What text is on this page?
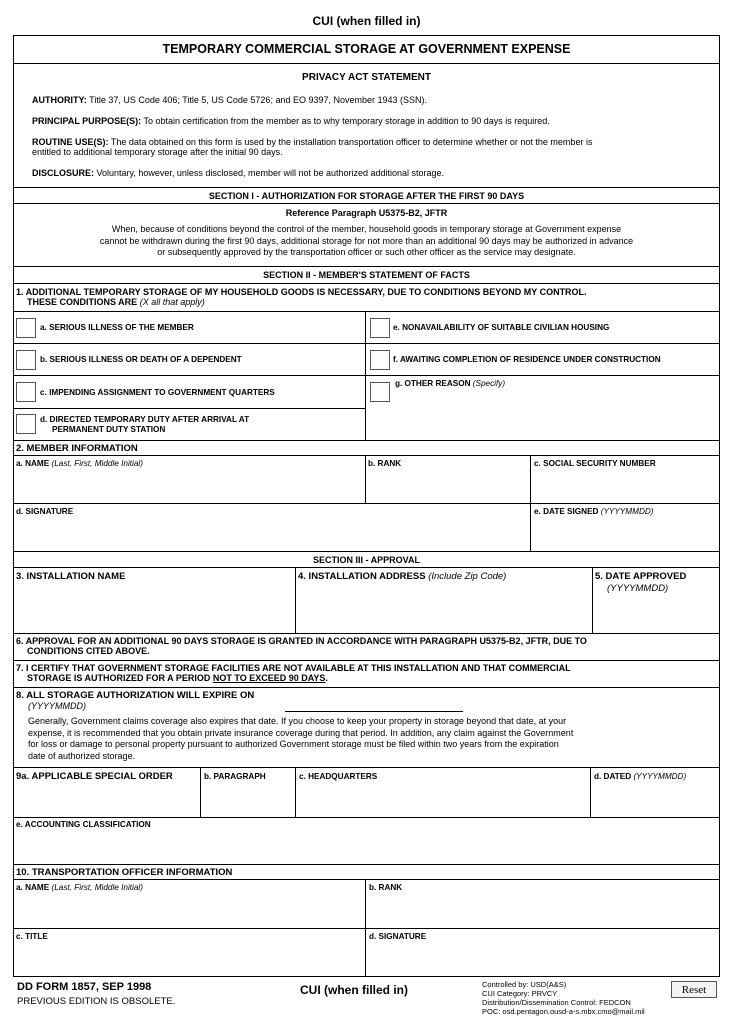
CUI (when filled in)
TEMPORARY COMMERCIAL STORAGE AT GOVERNMENT EXPENSE
PRIVACY ACT STATEMENT
AUTHORITY: Title 37, US Code 406; Title 5, US Code 5726; and EO 9397, November 1943 (SSN).
PRINCIPAL PURPOSE(S): To obtain certification from the member as to why temporary storage in addition to 90 days is required.
ROUTINE USE(S): The data obtained on this form is used by the installation transportation officer to determine whether or not the member is
entitled to additional temporary storage after the initial 90 days.
DISCLOSURE: Voluntary, however, unless disclosed, member will not be authorized additional storage.
SECTION I - AUTHORIZATION FOR STORAGE AFTER THE FIRST 90 DAYS
Reference Paragraph U5375-B2, JFTR
When, because of conditions beyond the control of the member, household goods in temporary storage at Government expense
cannot be withdrawn during the first 90 days, additional storage for not more than an additional 90 days may be authorized in advance
or subsequently approved by the transportation officer or such other officer as the service may designate.
SECTION II - MEMBER'S STATEMENT OF FACTS
1. ADDITIONAL TEMPORARY STORAGE OF MY HOUSEHOLD GOODS IS NECESSARY, DUE TO CONDITIONS BEYOND MY CONTROL.
THESE CONDITIONS ARE (X all that apply)
a. SERIOUS ILLNESS OF THE MEMBER
b. SERIOUS ILLNESS OR DEATH OF A DEPENDENT
c. IMPENDING ASSIGNMENT TO GOVERNMENT QUARTERS
d. DIRECTED TEMPORARY DUTY AFTER ARRIVAL AT
PERMANENT DUTY STATION
e. NONAVAILABILITY OF SUITABLE CIVILIAN HOUSING
f. AWAITING COMPLETION OF RESIDENCE UNDER CONSTRUCTION
g. OTHER REASON (Specify)
2. MEMBER INFORMATION
a. NAME (Last, First, Middle Initial)	b. RANK	c. SOCIAL SECURITY NUMBER
d. SIGNATURE	e. DATE SIGNED (YYYYMMDD)
SECTION III - APPROVAL
3. INSTALLATION NAME	4. INSTALLATION ADDRESS (Include Zip Code)	5. DATE APPROVED
(YYYYMMDD)
6. APPROVAL FOR AN ADDITIONAL 90 DAYS STORAGE IS GRANTED IN ACCORDANCE WITH PARAGRAPH U5375-B2, JFTR, DUE TO
CONDITIONS CITED ABOVE.
7. I CERTIFY THAT GOVERNMENT STORAGE FACILITIES ARE NOT AVAILABLE AT THIS INSTALLATION AND THAT COMMERCIAL
STORAGE IS AUTHORIZED FOR A PERIOD NOT TO EXCEED 90 DAYS.
8. ALL STORAGE AUTHORIZATION WILL EXPIRE ON
(YYYYMMDD)
Generally, Government claims coverage also expires that date. If you choose to keep your property in storage beyond that date, at your
expense, it is recommended that you obtain private insurance coverage during that period. In addition, any claim against the Government
for loss or damage to personal property pursuant to authorized Government storage must be filed within two years from the expiration
date of authorized storage.
9a. APPLICABLE SPECIAL ORDER	b. PARAGRAPH	c. HEADQUARTERS	d. DATED (YYYYMMDD)
e. ACCOUNTING CLASSIFICATION
10. TRANSPORTATION OFFICER INFORMATION
a. NAME (Last, First, Middle Initial)	b. RANK
c. TITLE	d. SIGNATURE
DD FORM 1857, SEP 1998
PREVIOUS EDITION IS OBSOLETE.
CUI (when filled in)	Controlled by: USD(A&S)
CUI Category: PRVCY
Distribution/Dissemination Control: FEDCON
POC: osd.pentagon.ousd-a-s.mbx.cmo@mail.mil
Reset
